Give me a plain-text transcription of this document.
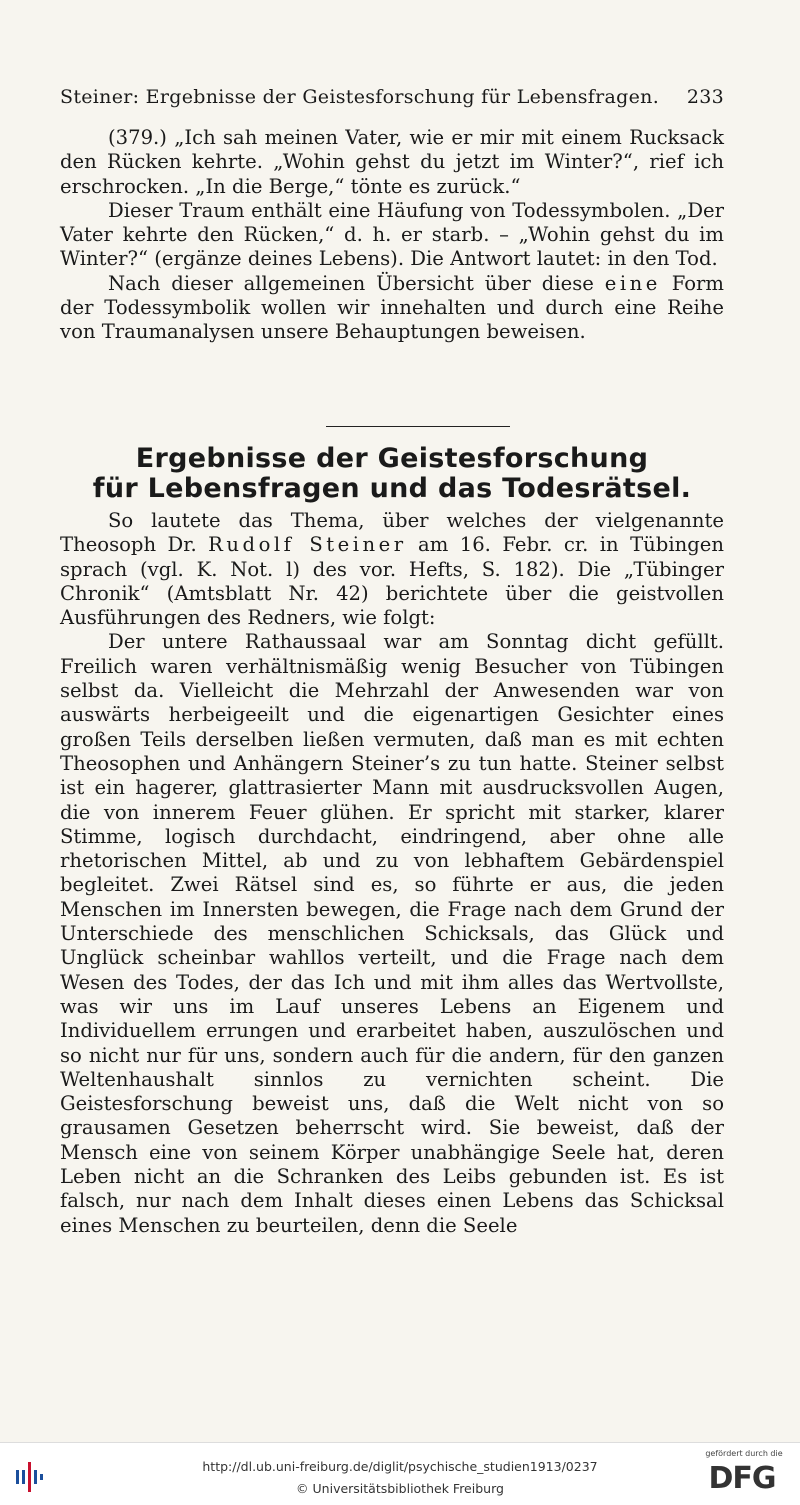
Steiner: Ergebnisse der Geistesforschung für Lebensfragen. 233

(379.) „Ich sah meinen Vater, wie er mir mit einem Rucksack den Rücken kehrte. „Wohin gehst du jetzt im Winter?“, rief ich erschrocken. „In die Berge,“ tönte es zurück.“

Dieser Traum enthält eine Häufung von Todessymbolen. „Der Vater kehrte den Rücken,“ d. h. er starb. – „Wohin gehst du im Winter?“ (ergänze deines Lebens). Die Antwort lautet: in den Tod.

Nach dieser allgemeinen Übersicht über diese eine Form der Todessymbolik wollen wir innehalten und durch eine Reihe von Traumanalysen unsere Behauptungen beweisen.

Ergebnisse der Geistesforschung
für Lebensfragen und das Todesrätsel.

So lautete das Thema, über welches der vielgenannte Theosoph Dr. Rudolf Steiner am 16. Febr. cr. in Tübingen sprach (vgl. K. Not. l) des vor. Hefts, S. 182). Die „Tübinger Chronik“ (Amtsblatt Nr. 42) berichtete über die geistvollen Ausführungen des Redners, wie folgt:

Der untere Rathaussaal war am Sonntag dicht gefüllt. Freilich waren verhältnismäßig wenig Besucher von Tübingen selbst da. Vielleicht die Mehrzahl der Anwesenden war von auswärts herbeigeeilt und die eigenartigen Gesichter eines großen Teils derselben ließen vermuten, daß man es mit echten Theosophen und Anhängern Steiner’s zu tun hatte. Steiner selbst ist ein hagerer, glattrasierter Mann mit ausdrucksvollen Augen, die von innerem Feuer glühen. Er spricht mit starker, klarer Stimme, logisch durchdacht, eindringend, aber ohne alle rhetorischen Mittel, ab und zu von lebhaftem Gebärdenspiel begleitet. Zwei Rätsel sind es, so führte er aus, die jeden Menschen im Innersten bewegen, die Frage nach dem Grund der Unterschiede des menschlichen Schicksals, das Glück und Unglück scheinbar wahllos verteilt, und die Frage nach dem Wesen des Todes, der das Ich und mit ihm alles das Wertvollste, was wir uns im Lauf unseres Lebens an Eigenem und Individuellem errungen und erarbeitet haben, auszulöschen und so nicht nur für uns, sondern auch für die andern, für den ganzen Weltenhaushalt sinnlos zu vernichten scheint. Die Geistesforschung beweist uns, daß die Welt nicht von so grausamen Gesetzen beherrscht wird. Sie beweist, daß der Mensch eine von seinem Körper unabhängige Seele hat, deren Leben nicht an die Schranken des Leibs gebunden ist. Es ist falsch, nur nach dem Inhalt dieses einen Lebens das Schicksal eines Menschen zu beurteilen, denn die Seele

http://dl.ub.uni-freiburg.de/diglit/psychische_studien1913/0237
© Universitätsbibliothek Freiburg
gefördert durch die
DFG
